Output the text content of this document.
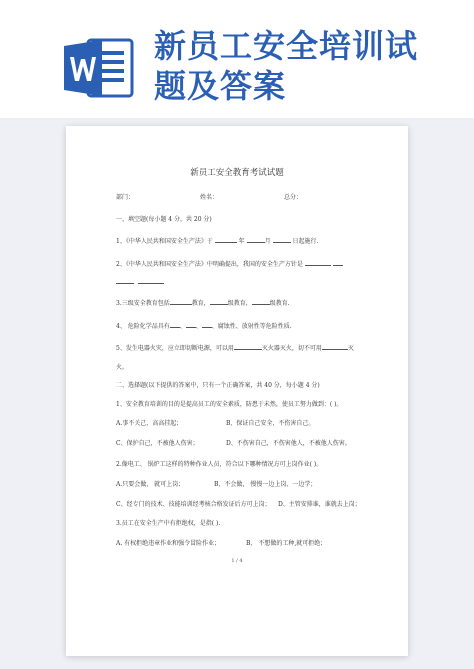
新员工安全培训试
题及答案
新员工安全教育考试试题
部门：	姓名：	总分：
一、填空题(每小题 4 分，共 20 分)
1、《中华人民共和国安全生产法》于	年	月	日起施行.
2、《中华人民共和国安全生产法》中明确提出，我国的安全生产方针是

3.三级安全教育包括	教育，	级教育，	级教育.
4、 危险化学品具有 、 、 、腐蚀性、放射性等危险性质.
5、发生电器火灾，应立即切断电源，可以用	灭火器灭火，切不可用	灭
火。
二、选择题(以下提供的答案中，只有一个正确答案，共 40 分，每小题 4 分)
1、安全教育培训的目的是提高员工的安全素质，防患于未然，使员工努力做到：( )。
A.事不关己，高高挂起；	B、保证自己安全，不伤害自己。
C、保护自己，不被他人伤害；	D、不伤害自己，不伤害他人，不被他人伤害。
2.像电工、 锅炉工这样的特种作业人员，符合以下哪种情况方可上岗作业( )。
A.只要会做， 就可上岗；	B、不会做， 慢慢一边上岗、一边学；
C、经专门的技术、技能培训经考核合格发证后方可上岗； D、主管安排谁，谁就去上岗；
3.员工在安全生产中有拒绝权，是指( ).
A. 有权拒绝违章作业和强令冒险作业；	B、 不想做的工种,就可拒绝；
1 / 4
